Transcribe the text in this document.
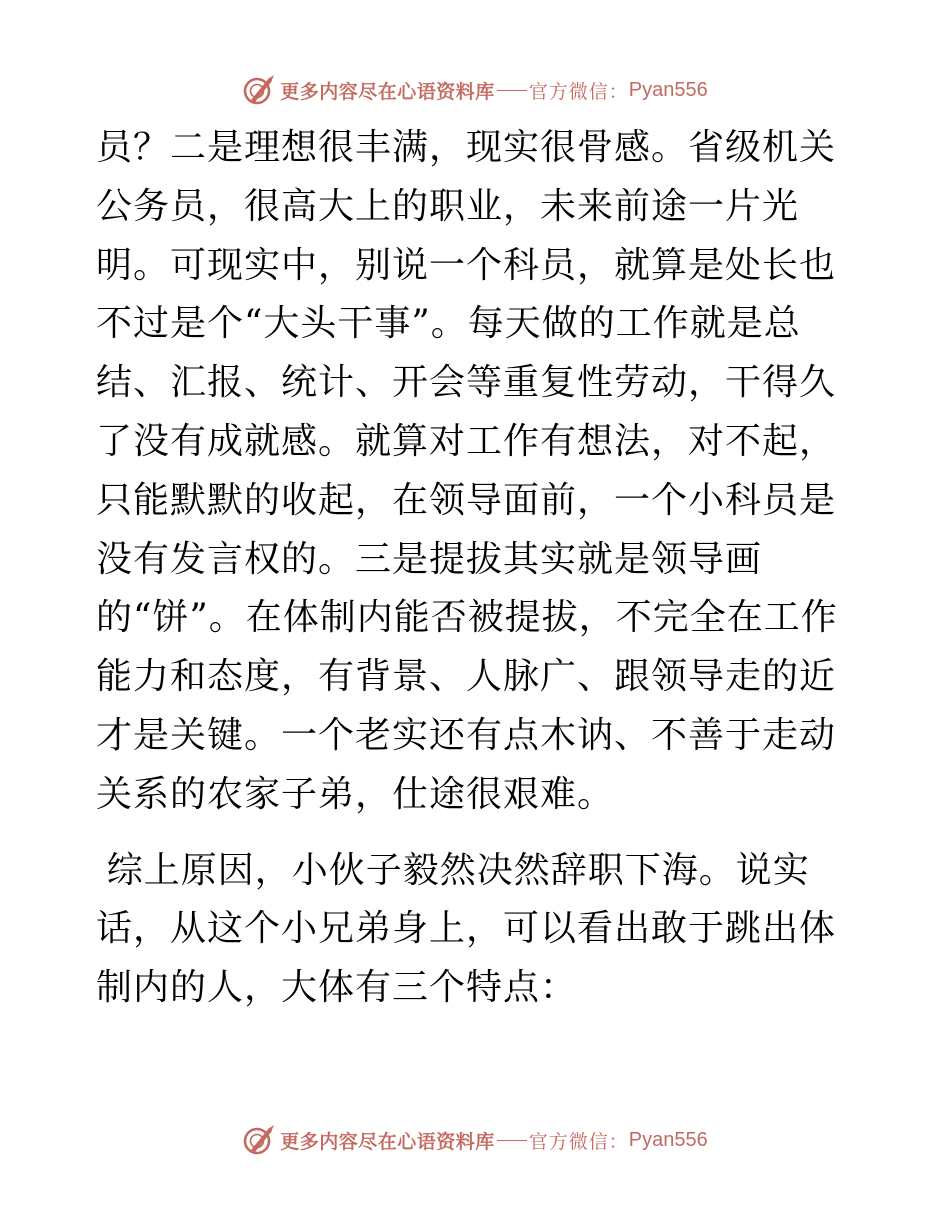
更多内容尽在心语资料库 官方微信： Pyan556

员？二是理想很丰满，现实很骨感。省级机关公务员，很高大上的职业，未来前途一片光明。可现实中，别说一个科员，就算是处长也不过是个“大头干事”。每天做的工作就是总结、汇报、统计、开会等重复性劳动，干得久了没有成就感。就算对工作有想法，对不起，只能默默的收起，在领导面前，一个小科员是没有发言权的。三是提拔其实就是领导画的“饼”。在体制内能否被提拔，不完全在工作能力和态度，有背景、人脉广、跟领导走的近才是关键。一个老实还有点木讷、不善于走动关系的农家子弟，仕途很艰难。

综上原因，小伙子毅然决然辞职下海。说实话，从这个小兄弟身上，可以看出敢于跳出体制内的人，大体有三个特点：

更多内容尽在心语资料库 官方微信： Pyan556
